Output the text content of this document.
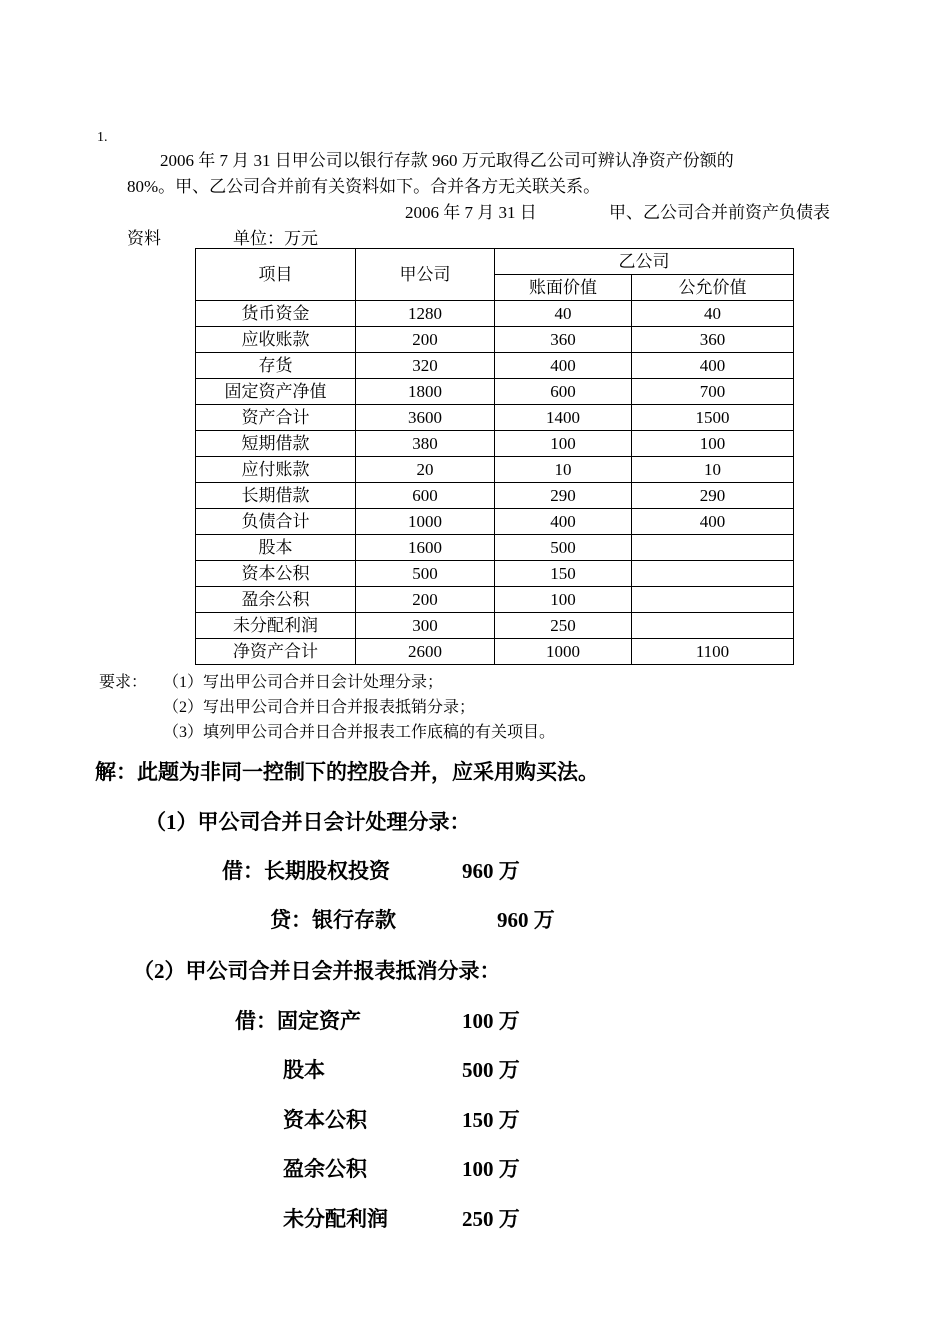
1.
2006 年 7 月 31 日甲公司以银行存款 960 万元取得乙公司可辨认净资产份额的
80%。甲、乙公司合并前有关资料如下。合并各方无关联关系。
2006 年 7 月 31 日	甲、乙公司合并前资产负债表
资料	单位：万元
项目	甲公司	乙公司	
		账面价值	公允价值
货币资金	1280	40	40
应收账款	200	360	360
存货	320	400	400
固定资产净值	1800	600	700
资产合计	3600	1400	1500
短期借款	380	100	100
应付账款	20	10	10
长期借款	600	290	290
负债合计	1000	400	400
股本	1600	500	
资本公积	500	150	
盈余公积	200	100	
未分配利润	300	250	
净资产合计	2600	1000	1100
要求： （1）写出甲公司合并日会计处理分录；
（2）写出甲公司合并日合并报表抵销分录；
（3）填列甲公司合并日合并报表工作底稿的有关项目。
解：此题为非同一控制下的控股合并，应采用购买法。
（1）甲公司合并日会计处理分录：
借：长期股权投资	960 万
贷：银行存款	960 万
（2）甲公司合并日会并报表抵消分录：
借：固定资产	100 万
股本	500 万
资本公积	150 万
盈余公积	100 万
未分配利润	250 万
